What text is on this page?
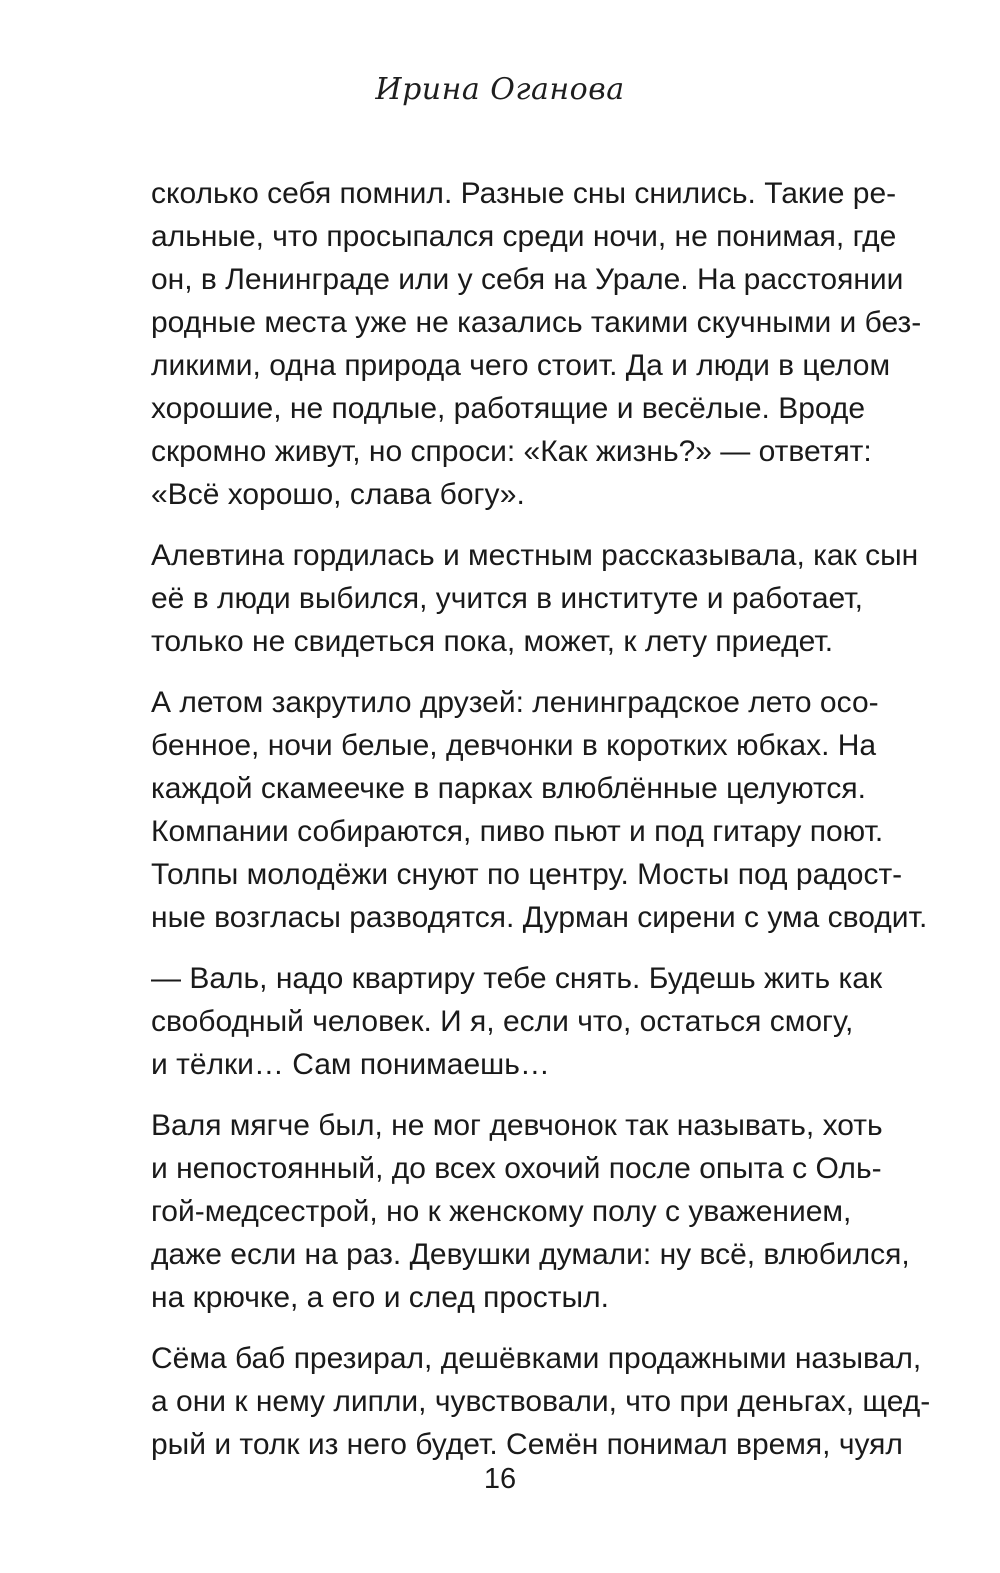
Ирина Оганова
сколько себя помнил. Разные сны снились. Такие ре-
альные, что просыпался среди ночи, не понимая, где
он, в Ленинграде или у себя на Урале. На расстоянии
родные места уже не казались такими скучными и без-
ликими, одна природа чего стоит. Да и люди в целом
хорошие, не подлые, работящие и весёлые. Вроде
скромно живут, но спроси: «Как жизнь?» — ответят:
«Всё хорошо, слава богу».
Алевтина гордилась и местным рассказывала, как сын
её в люди выбился, учится в институте и работает,
только не свидеться пока, может, к лету приедет.
А летом закрутило друзей: ленинградское лето осо-
бенное, ночи белые, девчонки в коротких юбках. На
каждой скамеечке в парках влюблённые целуются.
Компании собираются, пиво пьют и под гитару поют.
Толпы молодёжи снуют по центру. Мосты под радост-
ные возгласы разводятся. Дурман сирени с ума сводит.
— Валь, надо квартиру тебе снять. Будешь жить как
свободный человек. И я, если что, остаться смогу,
и тёлки… Сам понимаешь…
Валя мягче был, не мог девчонок так называть, хоть
и непостоянный, до всех охочий после опыта с Оль-
гой-медсестрой, но к женскому полу с уважением,
даже если на раз. Девушки думали: ну всё, влюбился,
на крючке, а его и след простыл.
Сёма баб презирал, дешёвками продажными называл,
а они к нему липли, чувствовали, что при деньгах, щед-
рый и толк из него будет. Семён понимал время, чуял
16
